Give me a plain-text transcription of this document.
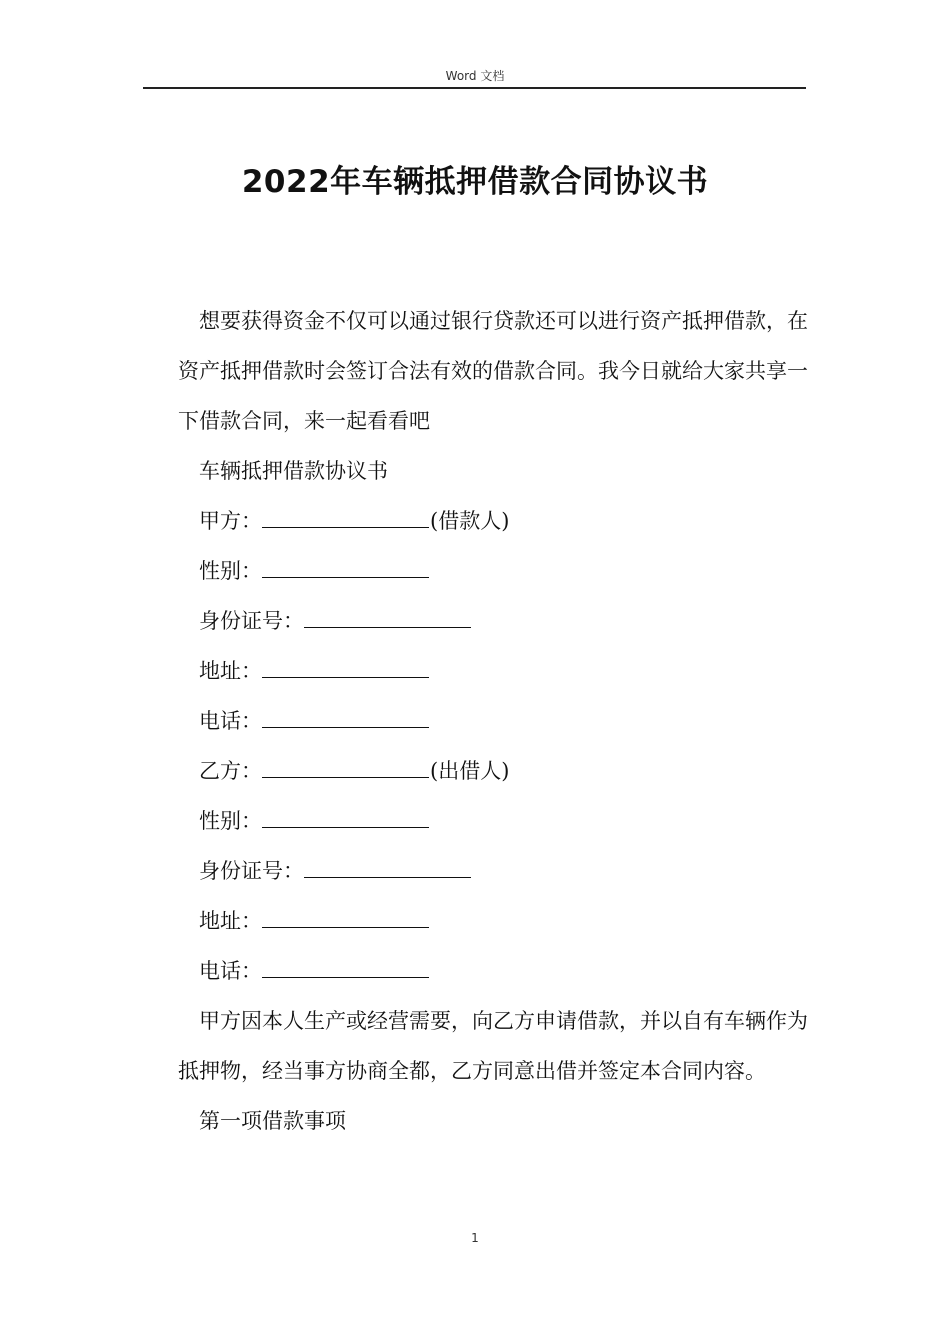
Word 文档
2022年车辆抵押借款合同协议书

想要获得资金不仅可以通过银行贷款还可以进行资产抵押借款，在资产抵押借款时会签订合法有效的借款合同。我今日就给大家共享一下借款合同，来一起看看吧

车辆抵押借款协议书

甲方：	(借款人)

性别：

身份证号：

地址：

电话：

乙方：	(出借人)

性别：

身份证号：

地址：

电话：

甲方因本人生产或经营需要，向乙方申请借款，并以自有车辆作为抵押物，经当事方协商全都，乙方同意出借并签定本合同内容。

第一项借款事项

1
